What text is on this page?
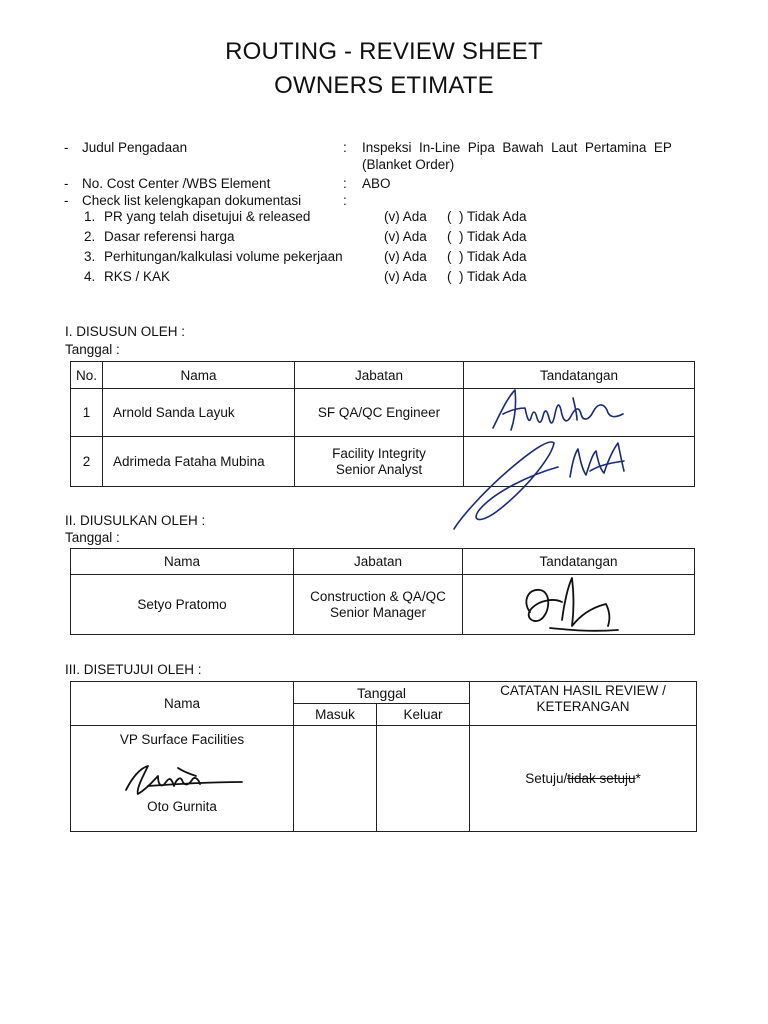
ROUTING - REVIEW SHEET
OWNERS ETIMATE
- Judul Pengadaan	: Inspeksi  In-Line  Pipa  Bawah  Laut  Pertamina  EP
(Blanket Order)
- No. Cost Center /WBS Element	: ABO
- Check list kelengkapan dokumentasi	:
1. PR yang telah disetujui & released	(v) Ada (  ) Tidak Ada
2. Dasar referensi harga	(v) Ada (  ) Tidak Ada
3. Perhitungan/kalkulasi volume pekerjaan	(v) Ada (  ) Tidak Ada
4. RKS / KAK	(v) Ada (  ) Tidak Ada
I. DISUSUN OLEH :
Tanggal :
No.	Nama	Jabatan	Tandatangan
1	Arnold Sanda Layuk	SF QA/QC Engineer	
2	Adrimeda Fataha Mubina	Facility Integrity
Senior Analyst	

II. DIUSULKAN OLEH :
Tanggal :
Nama	Jabatan	Tandatangan
Setyo Pratomo	Construction & QA/QC
Senior Manager	

III. DISETUJUI OLEH :
Nama	Tanggal		CATATAN HASIL REVIEW /
KETERANGAN

	Masuk	Keluar	

VP Surface Facilities
Oto Gurnita			Setuju/tidak setuju*
